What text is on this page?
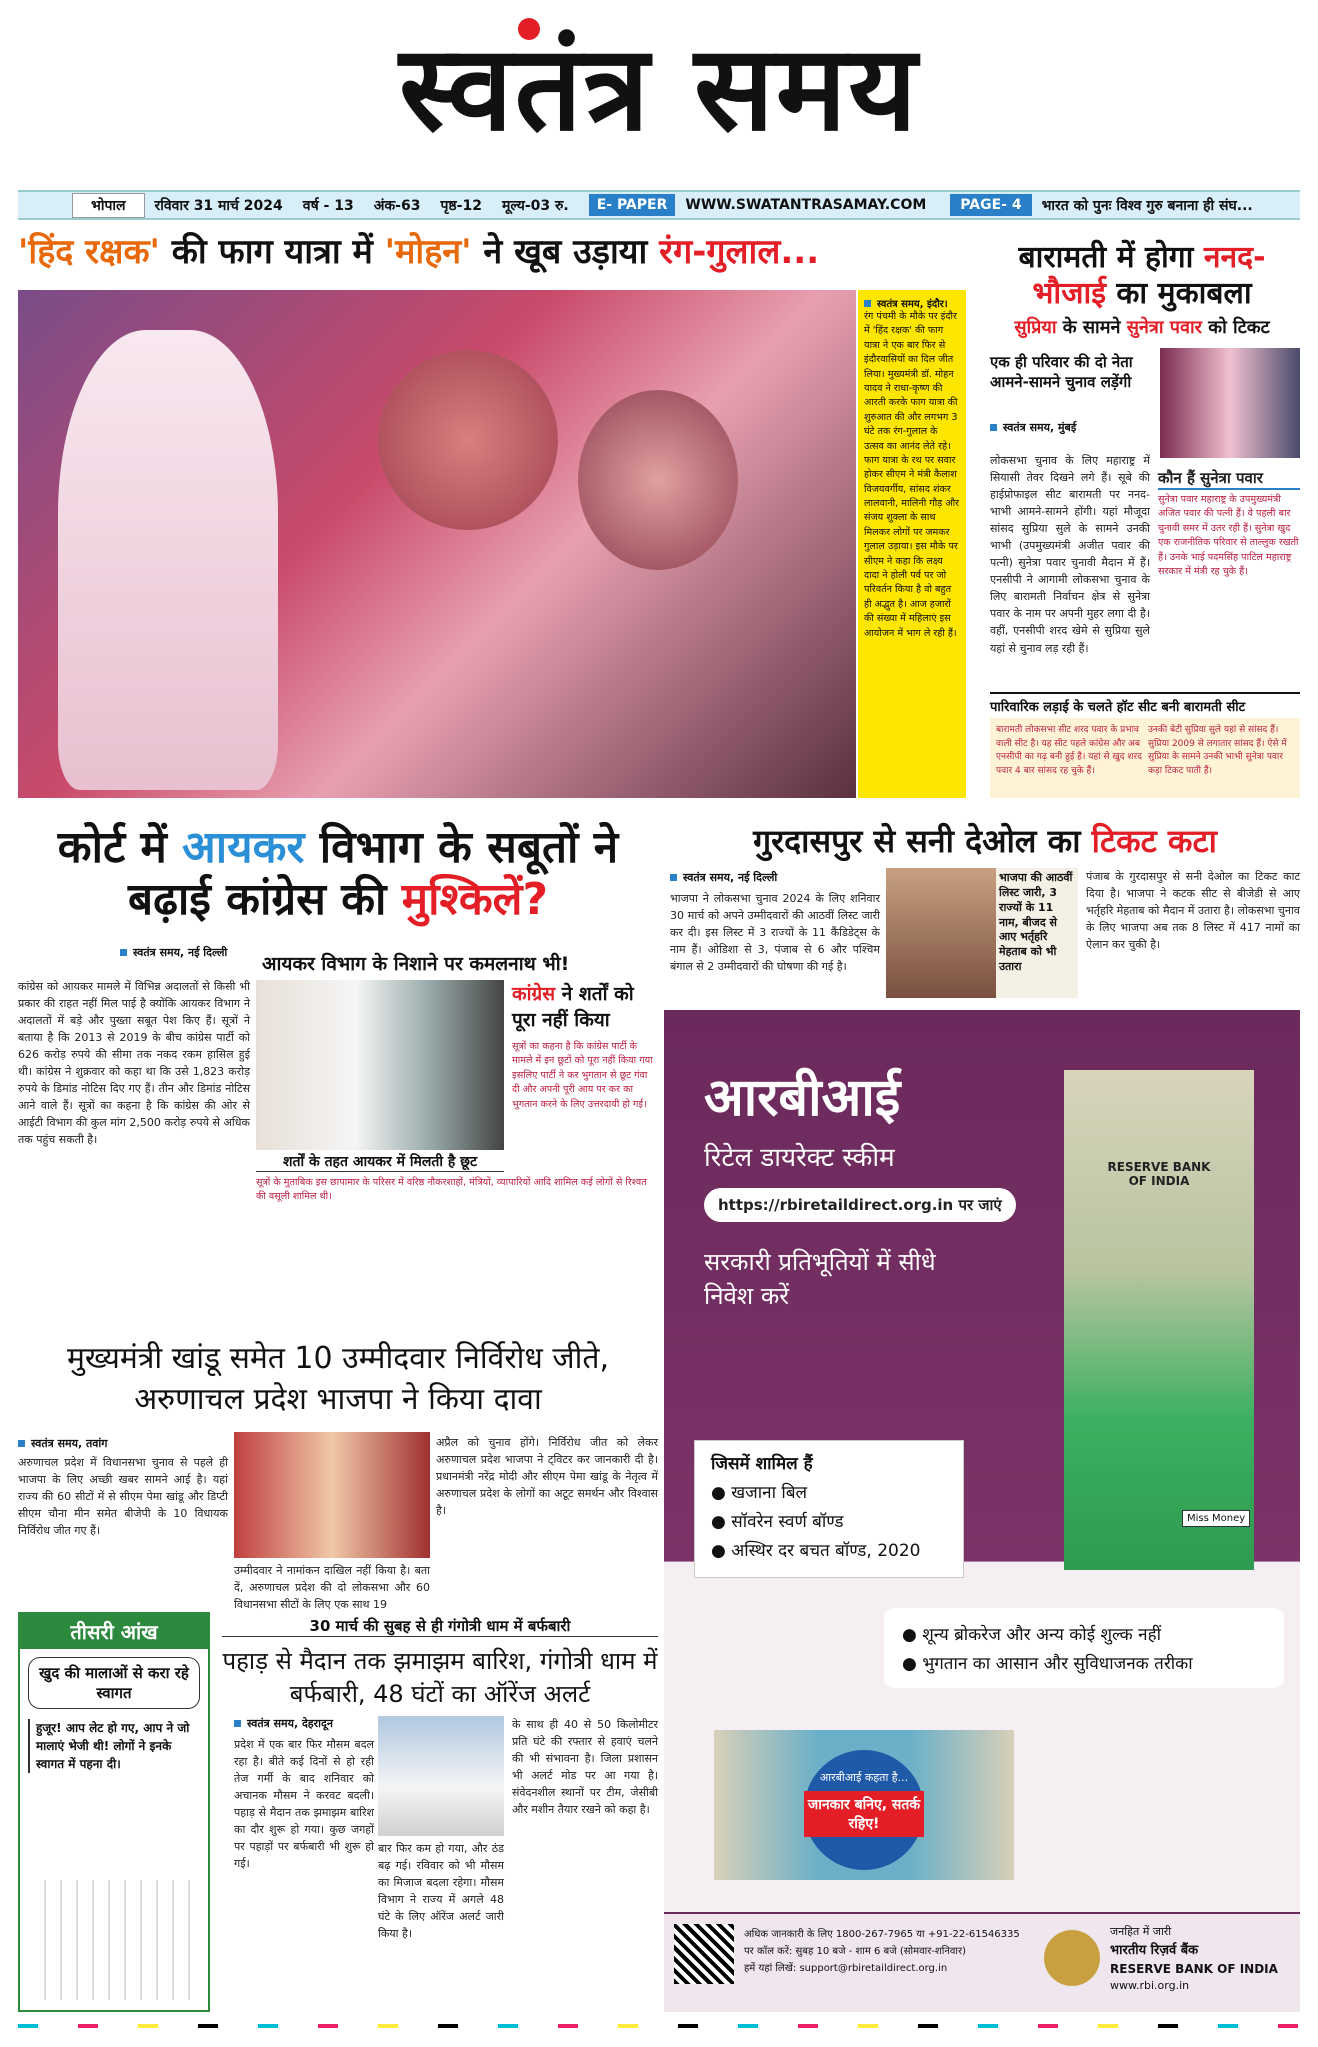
स्वतंत्र समय
भोपाल	रविवार 31 मार्च 2024	वर्ष - 13	अंक-63	पृष्ठ-12	मूल्य-03 रु.	E- PAPER	WWW.SWATANTRASAMAY.COM	PAGE- 4	भारत को पुनः विश्व गुरु बनाना ही संघ...
'हिंद रक्षक' की फाग यात्रा में 'मोहन' ने खूब उड़ाया रंग-गुलाल...
स्वतंत्र समय, इंदौर।
रंग पंचमी के मौके पर इंदौर में 'हिंद रक्षक' की फाग यात्रा ने एक बार फिर से इंदौरवासियों का दिल जीत लिया। मुख्यमंत्री डॉ. मोहन यादव ने राधा-कृष्ण की आरती करके फाग यात्रा की शुरुआत की और लगभग 3 घंटे तक रंग-गुलाल के उत्सव का आनंद लेते रहे। फाग यात्रा के रथ पर सवार होकर सीएम ने मंत्री कैलाश विजयवर्गीय, सांसद शंकर लालवानी, मालिनी गौड़ और संजय शुक्ला के साथ मिलकर लोगों पर जमकर गुलाल उड़ाया। इस मौके पर सीएम ने कहा कि लक्ष्य दादा ने होली पर्व पर जो परिवर्तन किया है वो बहुत ही अद्भुत है। आज हजारों की संख्या में महिलाएं इस आयोजन में भाग ले रही हैं।
बारामती में होगा ननद-भौजाई का मुकाबला
सुप्रिया के सामने सुनेत्रा पवार को टिकट
एक ही परिवार की दो नेता आमने-सामने चुनाव लड़ेंगी
स्वतंत्र समय, मुंबई
लोकसभा चुनाव के लिए महाराष्ट्र में सियासी तेवर दिखने लगे हैं। सूबे की हाईप्रोफाइल सीट बारामती पर ननद-भाभी आमने-सामने होंगी। यहां मौजूदा सांसद सुप्रिया सुले के सामने उनकी भाभी (उपमुख्यमंत्री अजीत पवार की पत्नी) सुनेत्रा पवार चुनावी मैदान में हैं। एनसीपी ने आगामी लोकसभा चुनाव के लिए बारामती निर्वाचन क्षेत्र से सुनेत्रा पवार के नाम पर अपनी मुहर लगा दी है। वहीं, एनसीपी शरद खेमे से सुप्रिया सुले यहां से चुनाव लड़ रही हैं।
कौन हैं सुनेत्रा पवार
सुनेत्रा पवार महाराष्ट्र के उपमुख्यमंत्री अजित पवार की पत्नी हैं। वे पहली बार चुनावी समर में उतर रही हैं। सुनेत्रा खुद एक राजनीतिक परिवार से ताल्लुक रखती हैं। उनके भाई पदमसिंह पाटिल महाराष्ट्र सरकार में मंत्री रह चुके हैं।
पारिवारिक लड़ाई के चलते हॉट सीट बनी बारामती सीट
बारामती लोकसभा सीट शरद पवार के प्रभाव वाली सीट है। यह सीट पहले कांग्रेस और अब एनसीपी का गढ़ बनी हुई है। यहां से खुद शरद पवार 4 बार सांसद रह चुके हैं।
उनकी बेटी सुप्रिया सुले यहां से सांसद हैं। सुप्रिया 2009 से लगातार सांसद हैं। ऐसे में सुप्रिया के सामने उनकी भाभी सुनेत्रा पवार कड़ा टिकट पाती हैं।
कोर्ट में आयकर विभाग के सबूतों ने बढ़ाई कांग्रेस की मुश्किलें?
स्वतंत्र समय, नई दिल्ली
आयकर विभाग के निशाने पर कमलनाथ भी!
कांग्रेस को आयकर मामले में विभिन्न अदालतों से किसी भी प्रकार की राहत नहीं मिल पाई है क्योंकि आयकर विभाग ने अदालतों में बड़े और पुख्ता सबूत पेश किए हैं। सूत्रों ने बताया है कि 2013 से 2019 के बीच कांग्रेस पार्टी को 626 करोड़ रुपये की सीमा तक नकद रकम हासिल हुई थी। कांग्रेस ने शुक्रवार को कहा था कि उसे 1,823 करोड़ रुपये के डिमांड नोटिस दिए गए हैं। तीन और डिमांड नोटिस आने वाले हैं। सूत्रों का कहना है कि कांग्रेस की ओर से आईटी विभाग की कुल मांग 2,500 करोड़ रुपये से अधिक तक पहुंच सकती है।
शर्तों के तहत आयकर में मिलती है छूट
सूत्रों के मुताबिक इस छापामार के परिसर में वरिष्ठ नौकरशाहों, मंत्रियों, व्यापारियों आदि शामिल कई लोगों से रिश्वत की वसूली शामिल थी।
कांग्रेस ने शर्तों को पूरा नहीं किया
सूत्रों का कहना है कि कांग्रेस पार्टी के मामले में इन छूटों को पूरा नहीं किया गया इसलिए पार्टी ने कर भुगतान से छूट गंवा दी और अपनी पूरी आय पर कर का भुगतान करने के लिए उत्तरदायी हो गई।
गुरदासपुर से सनी देओल का टिकट कटा
स्वतंत्र समय, नई दिल्ली
भाजपा ने लोकसभा चुनाव 2024 के लिए शनिवार 30 मार्च को अपने उम्मीदवारों की आठवीं लिस्ट जारी कर दी। इस लिस्ट में 3 राज्यों के 11 कैंडिडेट्स के नाम हैं। ओडिशा से 3, पंजाब से 6 और पश्चिम बंगाल से 2 उम्मीदवारों की घोषणा की गई है।
भाजपा की आठवीं लिस्ट जारी, 3 राज्यों के 11 नाम, बीजद से आए भर्तृहरि मेहताब को भी उतारा
पंजाब के गुरदासपुर से सनी देओल का टिकट काट दिया है। भाजपा ने कटक सीट से बीजेडी से आए भर्तृहरि मेहताब को मैदान में उतारा है। लोकसभा चुनाव के लिए भाजपा अब तक 8 लिस्ट में 417 नामों का ऐलान कर चुकी है।
आरबीआई
रिटेल डायरेक्ट स्कीम
https://rbiretaildirect.org.in पर जाएं
सरकारी प्रतिभूतियों में सीधे निवेश करें
RESERVE BANK OF INDIA
Miss Money
जिसमें शामिल हैं
● खजाना बिल
● सॉवरेन स्वर्ण बॉण्ड
● अस्थिर दर बचत बॉण्ड, 2020
● शून्य ब्रोकरेज और अन्य कोई शुल्क नहीं
● भुगतान का आसान और सुविधाजनक तरीका
आरबीआई कहता है...
जानकार बनिए, सतर्क रहिए!
अधिक जानकारी के लिए 1800-267-7965 या +91-22-61546335
पर कॉल करें: सुबह 10 बजे - शाम 6 बजे (सोमवार-शनिवार)
हमें यहां लिखें: support@rbiretaildirect.org.in
जनहित में जारी
भारतीय रिज़र्व बैंक
RESERVE BANK OF INDIA
www.rbi.org.in
मुख्यमंत्री खांडू समेत 10 उम्मीदवार निर्विरोध जीते, अरुणाचल प्रदेश भाजपा ने किया दावा
स्वतंत्र समय, तवांग
अरुणाचल प्रदेश में विधानसभा चुनाव से पहले ही भाजपा के लिए अच्छी खबर सामने आई है। यहां राज्य की 60 सीटों में से सीएम पेमा खांडू और डिप्टी सीएम चौना मीन समेत बीजेपी के 10 विधायक निर्विरोध जीत गए हैं।
उम्मीदवार ने नामांकन दाखिल नहीं किया है। बता दें, अरुणाचल प्रदेश की दो लोकसभा और 60 विधानसभा सीटों के लिए एक साथ 19
अप्रैल को चुनाव होंगे। निर्विरोध जीत को लेकर अरुणाचल प्रदेश भाजपा ने ट्विटर कर जानकारी दी है। प्रधानमंत्री नरेंद्र मोदी और सीएम पेमा खांडू के नेतृत्व में अरुणाचल प्रदेश के लोगों का अटूट समर्थन और विश्वास है।
तीसरी आंख
खुद की मालाओं से करा रहे स्वागत
हुजूर! आप लेट हो गए, आप ने जो मालाएं भेजी थी! लोगों ने इनके स्वागत में पहना दी।
30 मार्च की सुबह से ही गंगोत्री धाम में बर्फबारी
पहाड़ से मैदान तक झमाझम बारिश, गंगोत्री धाम में बर्फबारी, 48 घंटों का ऑरेंज अलर्ट
स्वतंत्र समय, देहरादून
प्रदेश में एक बार फिर मौसम बदल रहा है। बीते कई दिनों से हो रही तेज गर्मी के बाद शनिवार को अचानक मौसम ने करवट बदली। पहाड़ से मैदान तक झमाझम बारिश का दौर शुरू हो गया। कुछ जगहों पर पहाड़ों पर बर्फबारी भी शुरू हो गई।
बार फिर कम हो गया, और ठंड बढ़ गई। रविवार को भी मौसम का मिजाज बदला रहेगा। मौसम विभाग ने राज्य में अगले 48 घंटे के लिए ऑरेंज अलर्ट जारी किया है।
के साथ ही 40 से 50 किलोमीटर प्रति घंटे की रफ्तार से हवाएं चलने की भी संभावना है। जिला प्रशासन भी अलर्ट मोड पर आ गया है। संवेदनशील स्थानों पर टीम, जेसीबी और मशीन तैयार रखने को कहा है।
